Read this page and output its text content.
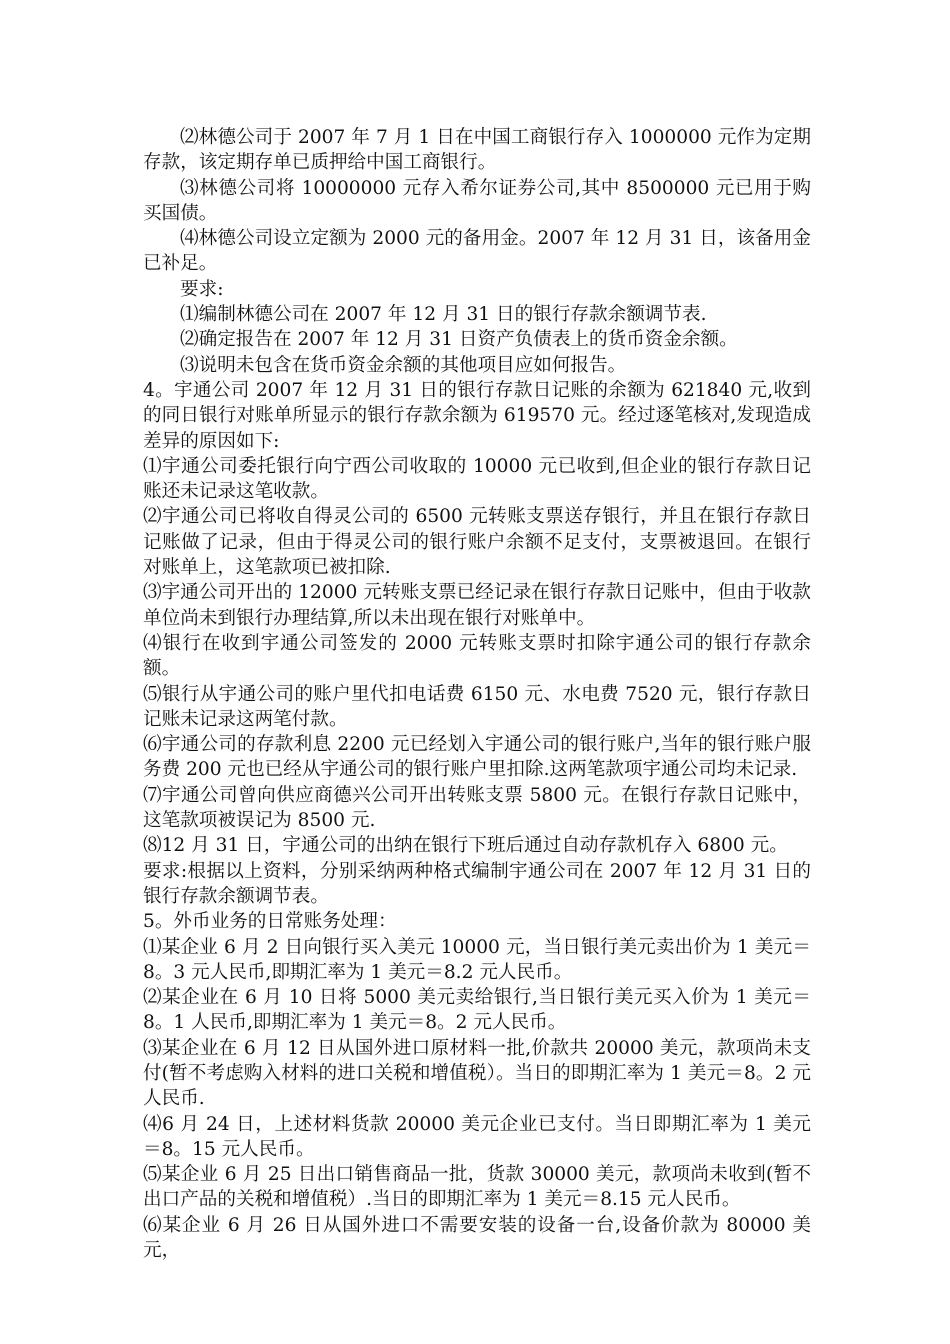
⑵林德公司于 2007 年 7 月 1 日在中国工商银行存入 1000000 元作为定期存款，该定期存单已质押给中国工商银行。

⑶林德公司将 10000000 元存入希尔证券公司,其中 8500000 元已用于购买国债。

⑷林德公司设立定额为 2000 元的备用金。2007 年 12 月 31 日，该备用金已补足。

要求:

⑴编制林德公司在 2007 年 12 月 31 日的银行存款余额调节表.

⑵确定报告在 2007 年 12 月 31 日资产负债表上的货币资金余额。

⑶说明未包含在货币资金余额的其他项目应如何报告。

4。宇通公司 2007 年 12 月 31 日的银行存款日记账的余额为 621840 元,收到的同日银行对账单所显示的银行存款余额为 619570 元。经过逐笔核对,发现造成差异的原因如下:

⑴宇通公司委托银行向宁西公司收取的 10000 元已收到,但企业的银行存款日记账还未记录这笔收款。

⑵宇通公司已将收自得灵公司的 6500 元转账支票送存银行，并且在银行存款日记账做了记录，但由于得灵公司的银行账户余额不足支付，支票被退回。在银行对账单上，这笔款项已被扣除.

⑶宇通公司开出的 12000 元转账支票已经记录在银行存款日记账中，但由于收款单位尚未到银行办理结算,所以未出现在银行对账单中。

⑷银行在收到宇通公司签发的 2000 元转账支票时扣除宇通公司的银行存款余额。

⑸银行从宇通公司的账户里代扣电话费 6150 元、水电费 7520 元，银行存款日记账未记录这两笔付款。

⑹宇通公司的存款利息 2200 元已经划入宇通公司的银行账户,当年的银行账户服务费 200 元也已经从宇通公司的银行账户里扣除.这两笔款项宇通公司均未记录.

⑺宇通公司曾向供应商德兴公司开出转账支票 5800 元。在银行存款日记账中，这笔款项被误记为 8500 元.

⑻12 月 31 日，宇通公司的出纳在银行下班后通过自动存款机存入 6800 元。

要求:根据以上资料，分别采纳两种格式编制宇通公司在 2007 年 12 月 31 日的银行存款余额调节表。

5。外币业务的日常账务处理：

⑴某企业 6 月 2 日向银行买入美元 10000 元，当日银行美元卖出价为 1 美元＝8。3 元人民币,即期汇率为 1 美元＝8.2 元人民币。

⑵某企业在 6 月 10 日将 5000 美元卖给银行,当日银行美元买入价为 1 美元＝8。1 人民币,即期汇率为 1 美元＝8。2 元人民币。

⑶某企业在 6 月 12 日从国外进口原材料一批,价款共 20000 美元，款项尚未支付(暂不考虑购入材料的进口关税和增值税）。当日的即期汇率为 1 美元＝8。2 元人民币.

⑷6 月 24 日，上述材料货款 20000 美元企业已支付。当日即期汇率为 1 美元＝8。15 元人民币。

⑸某企业 6 月 25 日出口销售商品一批，货款 30000 美元，款项尚未收到(暂不出口产品的关税和增值税）.当日的即期汇率为 1 美元＝8.15 元人民币。

⑹某企业 6 月 26 日从国外进口不需要安装的设备一台,设备价款为 80000 美元，
